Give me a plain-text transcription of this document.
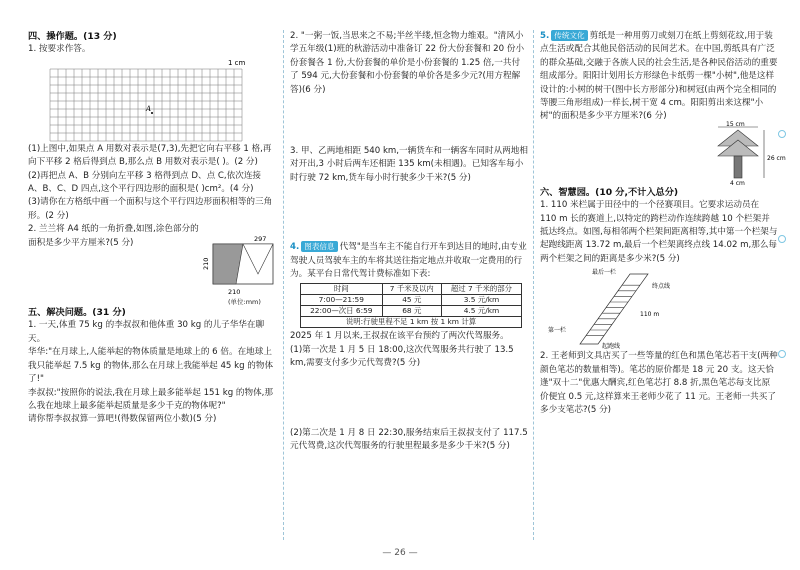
四、操作题。(13 分)

1. 按要求作答。

1 cm
A

(1)上图中,如果点 A 用数对表示是(7,3),先把它向右平移 1 格,再向下平移 2 格后得到点 B,那么点 B 用数对表示是( )。(2 分)

(2)再把点 A、B 分别向左平移 3 格得到点 D、点 C,依次连接 A、B、C、D 四点,这个平行四边形的面积是( )cm²。(4 分)

(3)请你在方格纸中画一个面积与这个平行四边形面积相等的三角形。(2 分)

2. 兰兰将 A4 纸的一角折叠,如图,涂色部分的面积是多少平方厘米?(5 分)	297
210
210
(单位:mm)

五、解决问题。(31 分)

1. 一天,体重 75 kg 的李叔叔和他体重 30 kg 的儿子华华在聊天。

华华:"在月球上,人能举起的物体质量是地球上的 6 倍。在地球上我只能举起 7.5 kg 的物体,那么在月球上我能举起 45 kg 的物体了!"

李叔叔:"按照你的说法,我在月球上最多能举起 151 kg 的物体,那么我在地球上最多能举起质量是多少千克的物体呢?"

请你帮李叔叔算一算吧!(得数保留两位小数)(5 分)

2. "一粥一饭,当思来之不易;半丝半缕,恒念物力维艰。"清风小学五年级(1)班的秋游活动中准备订 22 份大份套餐和 20 份小份套餐各 1 份,大份套餐的单价是小份套餐的 1.25 倍,一共付了 594 元,大份套餐和小份套餐的单价各是多少元?(用方程解答)(6 分)

3. 甲、乙两地相距 540 km,一辆货车和一辆客车同时从两地相对开出,3 小时后两车还相距 135 km(未相遇)。已知客车每小时行驶 72 km,货车每小时行驶多少千米?(5 分)

4. 图表信息 代驾"是当车主不能自行开车到达目的地时,由专业驾驶人员驾驶车主的车将其送往指定地点并收取一定费用的行为。某平台日常代驾计费标准如下表:

时间	7 千米及以内	超过 7 千米的部分
7:00—21:59	45 元	3.5 元/km
22:00—次日 6:59	68 元	4.5 元/km
说明:行驶里程不足 1 km 按 1 km 计算		

2025 年 1 月以来,王叔叔在该平台预约了两次代驾服务。

(1)第一次是 1 月 5 日 18:00,这次代驾服务共行驶了 13.5 km,需要支付多少元代驾费?(5 分)

(2)第二次是 1 月 8 日 22:30,服务结束后王叔叔支付了 117.5 元代驾费,这次代驾服务的行驶里程最多是多少千米?(5 分)

5. 传统文化 剪纸是一种用剪刀或刻刀在纸上剪刻花纹,用于装点生活或配合其他民俗活动的民间艺术。在中国,剪纸具有广泛的群众基础,交融于各族人民的社会生活,是各种民俗活动的重要组成部分。阳阳计划用长方形绿色卡纸剪一棵"小树",他是这样设计的:小树的树干(图中长方形部分)和树冠(由两个完全相同的等腰三角形组成)一样长,树干宽 4 cm。阳阳剪出来这棵"小树"的面积是多少平方厘米?(6 分)

15 cm
26 cm
4 cm

六、智慧园。(10 分,不计入总分)

1. 110 米栏属于田径中的一个径赛项目。它要求运动员在 110 m 长的赛道上,以特定的跨栏动作连续跨越 10 个栏架并抵达终点。如图,每相邻两个栏架间距离相等,其中第一个栏架与起跑线距离 13.72 m,最后一个栏架离终点线 14.02 m,那么每两个栏架之间的距离是多少米?(5 分)

最后一栏
终点线
110 m
第一栏
起跑线

2. 王老师到文具店买了一些等量的红色和黑色笔芯若干支(两种颜色笔芯的数量相等)。笔芯的原价都是 18 元 20 支。这天恰逢"双十二"优惠大酬宾,红色笔芯打 8.8 折,黑色笔芯每支比原价便宜 0.5 元,这样算来王老师少花了 11 元。王老师一共买了多少支笔芯?(5 分)

— 26 —
